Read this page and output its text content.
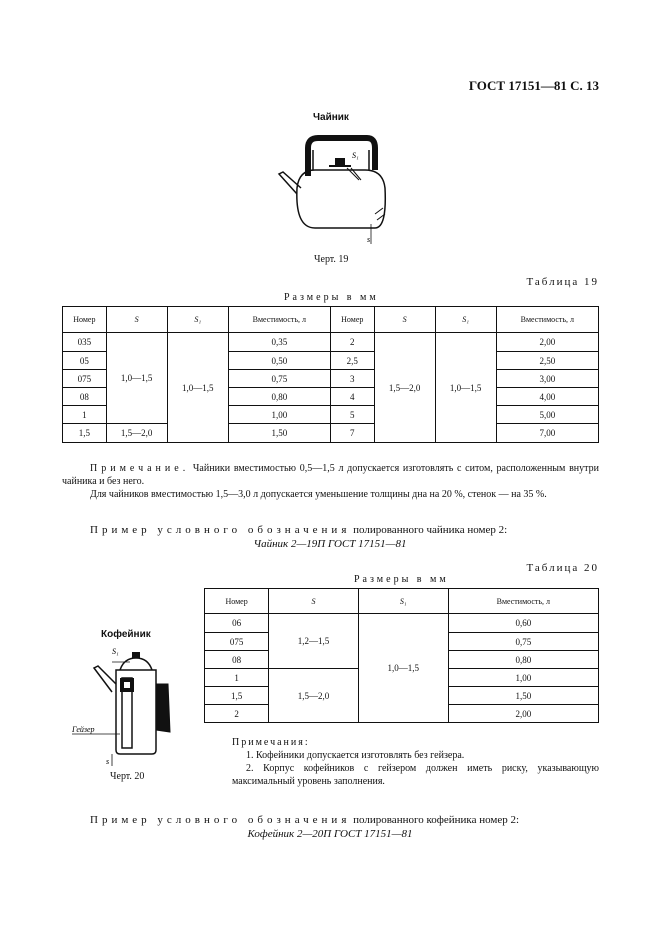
ГОСТ 17151—81 С. 13
Чайник
S₁
s
Черт. 19
Таблица 19
Размеры в мм
Номер	S	S₁	Вместимость, л	Номер	S	S₁	Вместимость, л
035	1,0—1,5	1,0—1,5	0,35	2	1,5—2,0	1,0—1,5	2,00
05			0,50	2,5			2,50
075			0,75	3			3,00
08			0,80	4			4,00
1			1,00	5			5,00
1,5	1,5—2,0		1,50	7			7,00
Примечание. Чайники вместимостью 0,5—1,5 л допускается изготовлять с ситом, расположенным внутри чайника и без него.
Для чайников вместимостью 1,5—3,0 л допускается уменьшение толщины дна на 20 %, стенок — на 35 %.
Пример условного обозначения полированного чайника номер 2:
Чайник 2—19П ГОСТ 17151—81
Таблица 20
Размеры в мм
Номер	S	S₁	Вместимость, л
06	1,2—1,5	1,0—1,5	0,60
075			0,75
08			0,80
1	1,5—2,0		1,00
1,5			1,50
2			2,00
Кофейник
S₁
Гейзер
s
Черт. 20
Примечания:
1. Кофейники допускается изготовлять без гейзера.
2. Корпус кофейников с гейзером должен иметь риску, указывающую максимальный уровень заполнения.
Пример условного обозначения полированного кофейника номер 2:
Кофейник 2—20П ГОСТ 17151—81
